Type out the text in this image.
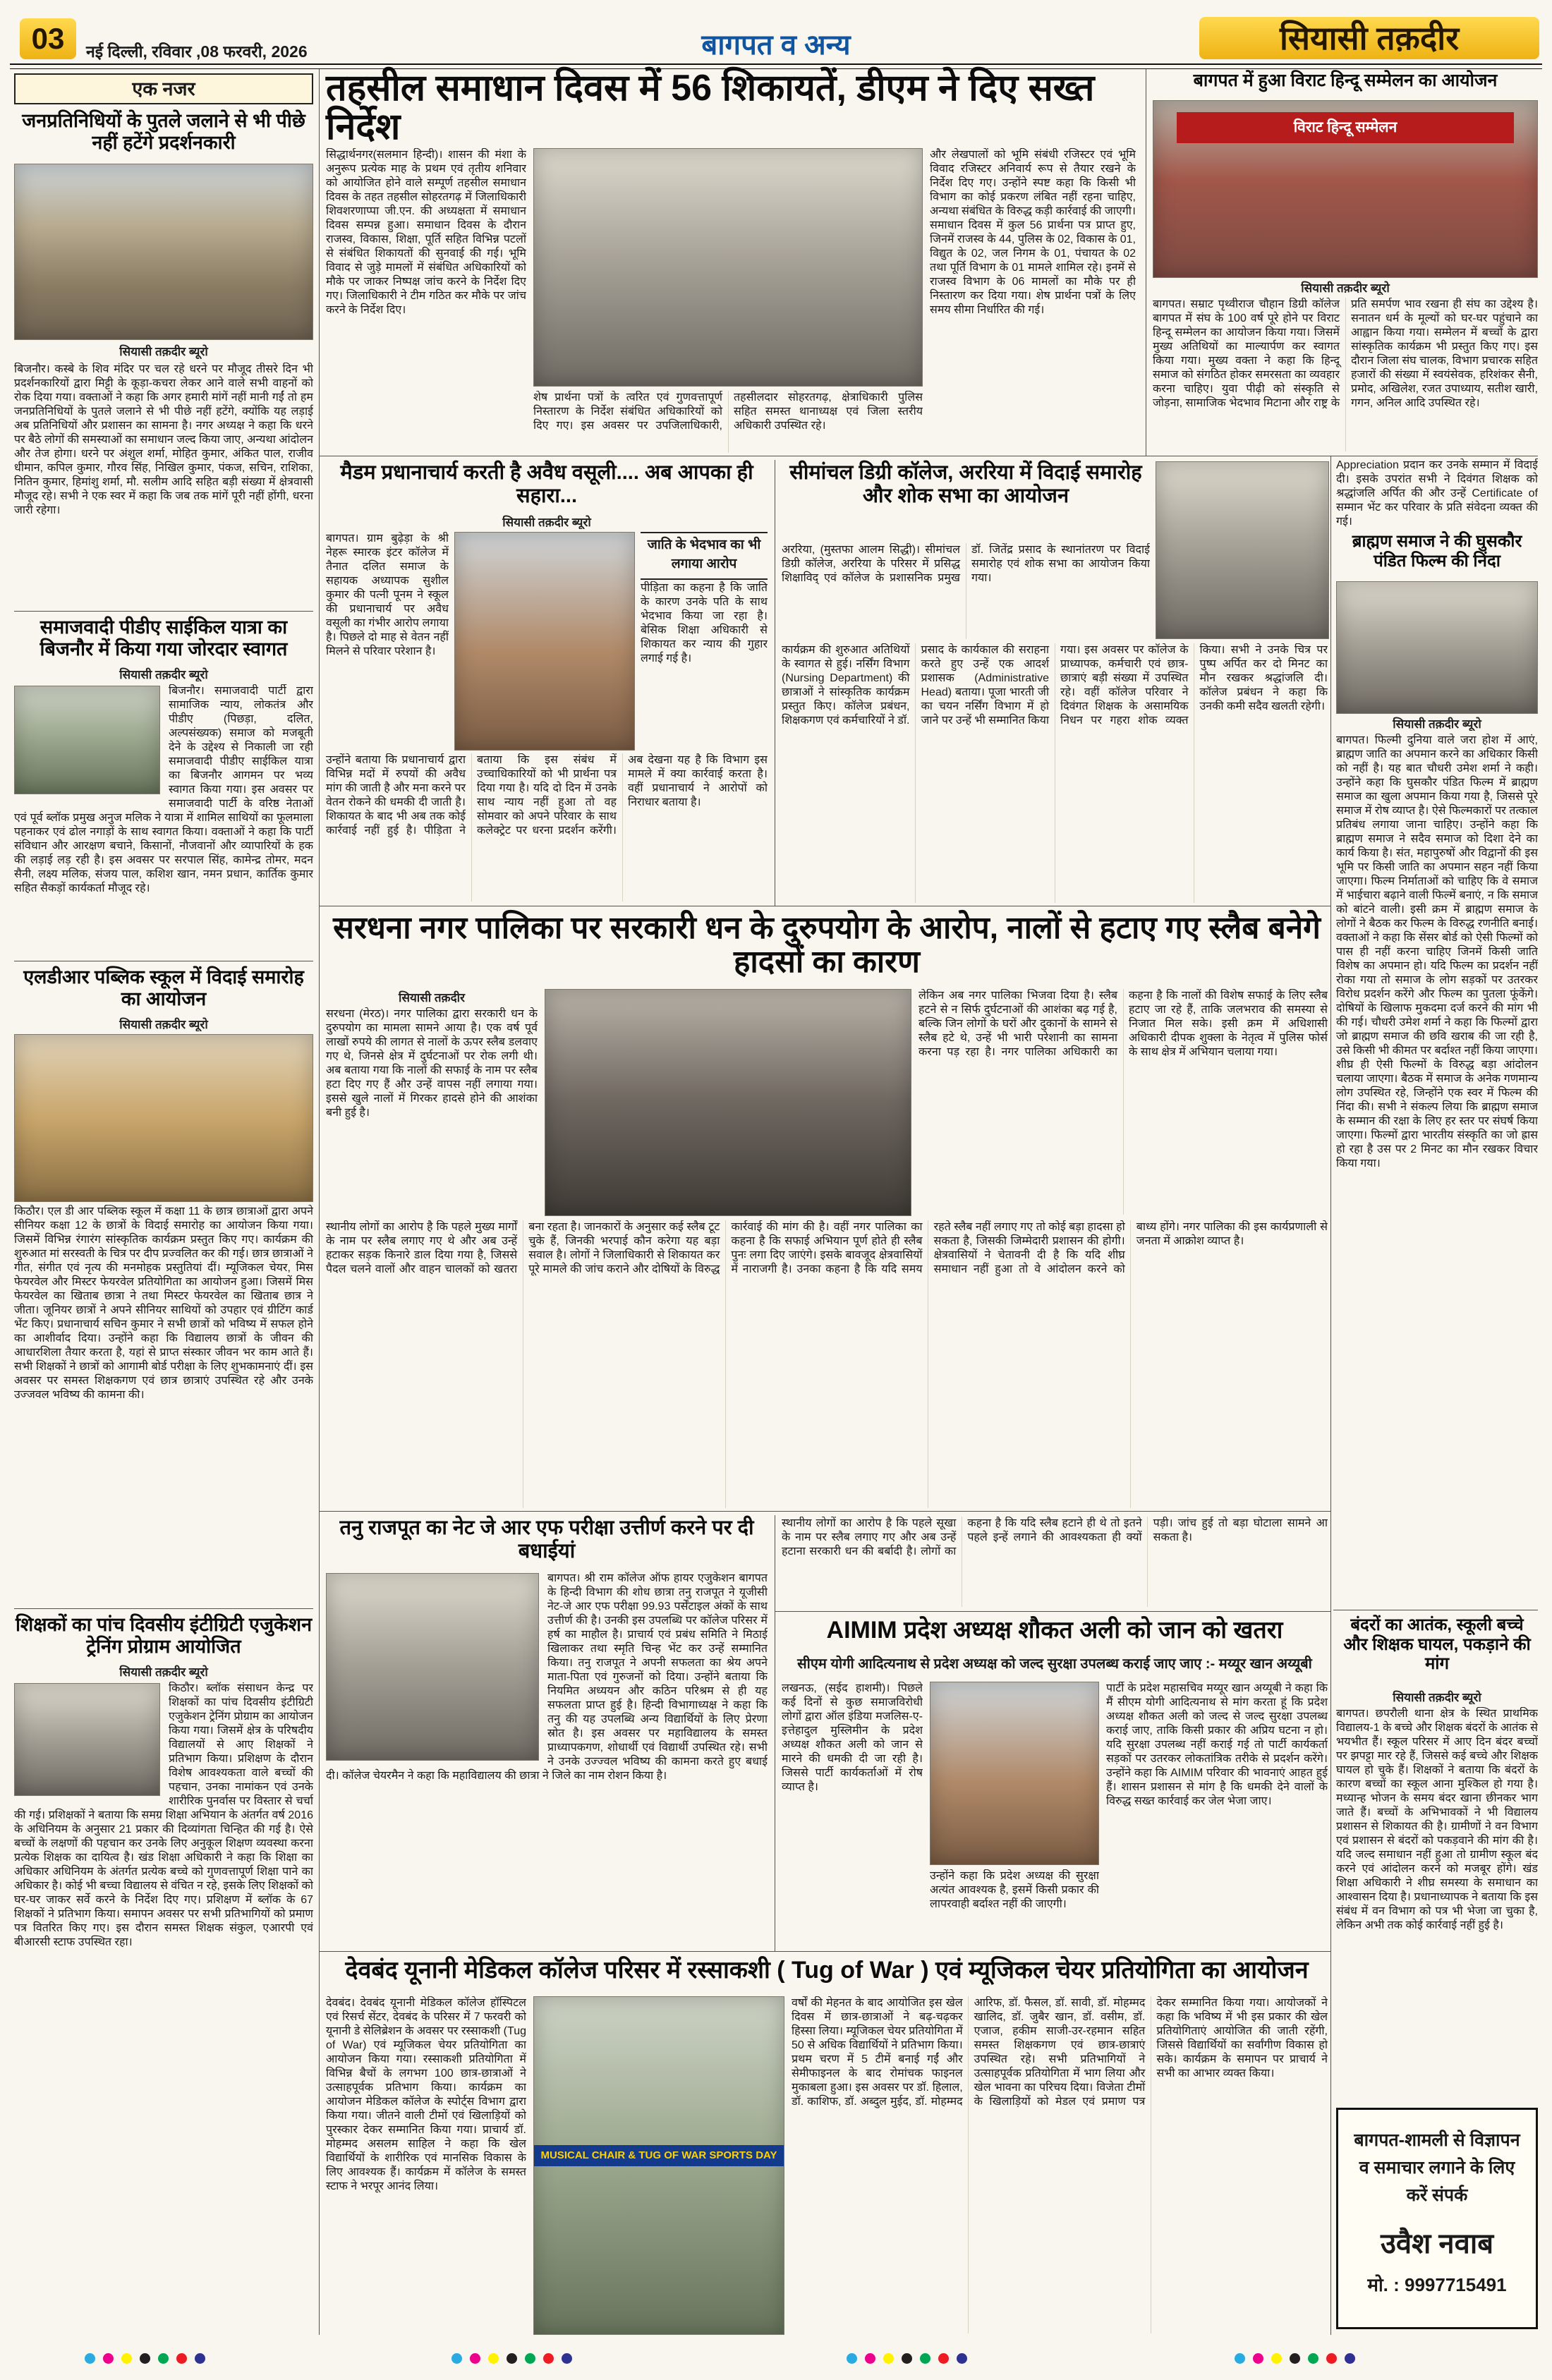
03	नई दिल्ली, रविवार ,08 फरवरी, 2026	बागपत व अन्य	सियासी तक़दीर
एक नजर
जनप्रतिनिधियों के पुतले जलाने से भी पीछे नहीं हटेंगे प्रदर्शनकारी
सियासी तक़दीर ब्यूरो
बिजनौर। कस्बे के शिव मंदिर पर चल रहे धरने पर मौजूद तीसरे दिन भी प्रदर्शनकारियों द्वारा मिट्टी के कूड़ा-कचरा लेकर आने वाले सभी वाहनों को रोक दिया गया। वक्ताओं ने कहा कि अगर हमारी मांगें नहीं मानी गईं तो हम जनप्रतिनिधियों के पुतले जलाने से भी पीछे नहीं हटेंगे, क्योंकि यह लड़ाई अब प्रतिनिधियों और प्रशासन का सामना है। नगर अध्यक्ष ने कहा कि धरने पर बैठे लोगों की समस्याओं का समाधान जल्द किया जाए, अन्यथा आंदोलन और तेज होगा। धरने पर अंशुल शर्मा, मोहित कुमार, अंकित पाल, राजीव धीमान, कपिल कुमार, गौरव सिंह, निखिल कुमार, पंकज, सचिन, राशिका, नितिन कुमार, हिमांशु शर्मा, मौ. सलीम आदि सहित बड़ी संख्या में क्षेत्रवासी मौजूद रहे। सभी ने एक स्वर में कहा कि जब तक मांगें पूरी नहीं होंगी, धरना जारी रहेगा।
समाजवादी पीडीए साईकिल यात्रा का बिजनौर में किया गया जोरदार स्वागत
सियासी तक़दीर ब्यूरो
बिजनौर। समाजवादी पार्टी द्वारा सामाजिक न्याय, लोकतंत्र और पीडीए (पिछड़ा, दलित, अल्पसंख्यक) समाज को मजबूती देने के उद्देश्य से निकाली जा रही समाजवादी पीडीए साईकिल यात्रा का बिजनौर आगमन पर भव्य स्वागत किया गया। इस अवसर पर समाजवादी पार्टी के वरिष्ठ नेताओं एवं पूर्व ब्लॉक प्रमुख अनुज मलिक ने यात्रा में शामिल साथियों का फूलमाला पहनाकर एवं ढोल नगाड़ों के साथ स्वागत किया। वक्ताओं ने कहा कि पार्टी संविधान और आरक्षण बचाने, किसानों, नौजवानों और व्यापारियों के हक की लड़ाई लड़ रही है। इस अवसर पर सरपाल सिंह, कामेन्द्र तोमर, मदन सैनी, लक्ष्य मलिक, संजय पाल, कशिश खान, नमन प्रधान, कार्तिक कुमार सहित सैकड़ों कार्यकर्ता मौजूद रहे।
एलडीआर पब्लिक स्कूल में विदाई समारोह का आयोजन
सियासी तक़दीर ब्यूरो
किठौर। एल डी आर पब्लिक स्कूल में कक्षा 11 के छात्र छात्राओं द्वारा अपने सीनियर कक्षा 12 के छात्रों के विदाई समारोह का आयोजन किया गया। जिसमें विभिन्न रंगारंग सांस्कृतिक कार्यक्रम प्रस्तुत किए गए। कार्यक्रम की शुरुआत मां सरस्वती के चित्र पर दीप प्रज्वलित कर की गई। छात्र छात्राओं ने गीत, संगीत एवं नृत्य की मनमोहक प्रस्तुतियां दीं। म्यूजिकल चेयर, मिस फेयरवेल और मिस्टर फेयरवेल प्रतियोगिता का आयोजन हुआ। जिसमें मिस फेयरवेल का खिताब छात्रा ने तथा मिस्टर फेयरवेल का खिताब छात्र ने जीता। जूनियर छात्रों ने अपने सीनियर साथियों को उपहार एवं ग्रीटिंग कार्ड भेंट किए। प्रधानाचार्य सचिन कुमार ने सभी छात्रों को भविष्य में सफल होने का आशीर्वाद दिया। उन्होंने कहा कि विद्यालय छात्रों के जीवन की आधारशिला तैयार करता है, यहां से प्राप्त संस्कार जीवन भर काम आते हैं। सभी शिक्षकों ने छात्रों को आगामी बोर्ड परीक्षा के लिए शुभकामनाएं दीं। इस अवसर पर समस्त शिक्षकगण एवं छात्र छात्राएं उपस्थित रहे और उनके उज्जवल भविष्य की कामना की।
शिक्षकों का पांच दिवसीय इंटीग्रिटी एजुकेशन ट्रेनिंग प्रोग्राम आयोजित
सियासी तक़दीर ब्यूरो
किठौर। ब्लॉक संसाधन केन्द्र पर शिक्षकों का पांच दिवसीय इंटीग्रिटी एजुकेशन ट्रेनिंग प्रोग्राम का आयोजन किया गया। जिसमें क्षेत्र के परिषदीय विद्यालयों से आए शिक्षकों ने प्रतिभाग किया। प्रशिक्षण के दौरान विशेष आवश्यकता वाले बच्चों की पहचान, उनका नामांकन एवं उनके शारीरिक पुनर्वास पर विस्तार से चर्चा की गई। प्रशिक्षकों ने बताया कि समग्र शिक्षा अभियान के अंतर्गत वर्ष 2016 के अधिनियम के अनुसार 21 प्रकार की दिव्यांगता चिन्हित की गई है। ऐसे बच्चों के लक्षणों की पहचान कर उनके लिए अनुकूल शिक्षण व्यवस्था करना प्रत्येक शिक्षक का दायित्व है। खंड शिक्षा अधिकारी ने कहा कि शिक्षा का अधिकार अधिनियम के अंतर्गत प्रत्येक बच्चे को गुणवत्तापूर्ण शिक्षा पाने का अधिकार है। कोई भी बच्चा विद्यालय से वंचित न रहे, इसके लिए शिक्षकों को घर-घर जाकर सर्वे करने के निर्देश दिए गए। प्रशिक्षण में ब्लॉक के 67 शिक्षकों ने प्रतिभाग किया। समापन अवसर पर सभी प्रतिभागियों को प्रमाण पत्र वितरित किए गए। इस दौरान समस्त शिक्षक संकुल, एआरपी एवं बीआरसी स्टाफ उपस्थित रहा।
तहसील समाधान दिवस में 56 शिकायतें, डीएम ने दिए सख्त निर्देश
सिद्धार्थनगर(सलमान हिन्दी)। शासन की मंशा के अनुरूप प्रत्येक माह के प्रथम एवं तृतीय शनिवार को आयोजित होने वाले सम्पूर्ण तहसील समाधान दिवस के तहत तहसील सोहरतगढ़ में जिलाधिकारी शिवशरणाप्पा जी.एन. की अध्यक्षता में समाधान दिवस सम्पन्न हुआ। समाधान दिवस के दौरान राजस्व, विकास, शिक्षा, पूर्ति सहित विभिन्न पटलों से संबंधित शिकायतों की सुनवाई की गई। भूमि विवाद से जुड़े मामलों में संबंधित अधिकारियों को मौके पर जाकर निष्पक्ष जांच करने के निर्देश दिए गए। जिलाधिकारी ने टीम गठित कर मौके पर जांच करने के निर्देश दिए।
और लेखपालों को भूमि संबंधी रजिस्टर एवं भूमि विवाद रजिस्टर अनिवार्य रूप से तैयार रखने के निर्देश दिए गए। उन्होंने स्पष्ट कहा कि किसी भी विभाग का कोई प्रकरण लंबित नहीं रहना चाहिए, अन्यथा संबंधित के विरुद्ध कड़ी कार्रवाई की जाएगी। समाधान दिवस में कुल 56 प्रार्थना पत्र प्राप्त हुए, जिनमें राजस्व के 44, पुलिस के 02, विकास के 01, विद्युत के 02, जल निगम के 01, पंचायत के 02 तथा पूर्ति विभाग के 01 मामले शामिल रहे। इनमें से राजस्व विभाग के 06 मामलों का मौके पर ही निस्तारण कर दिया गया। शेष प्रार्थना पत्रों के लिए समय सीमा निर्धारित की गई।
शेष प्रार्थना पत्रों के त्वरित एवं गुणवत्तापूर्ण निस्तारण के निर्देश संबंधित अधिकारियों को दिए गए। इस अवसर पर उपजिलाधिकारी, तहसीलदार सोहरतगढ़, क्षेत्राधिकारी पुलिस सहित समस्त थानाध्यक्ष एवं जिला स्तरीय अधिकारी उपस्थित रहे।
बागपत में हुआ विराट हिन्दू सम्मेलन का आयोजन
विराट हिन्दू सम्मेलन
सियासी तक़दीर ब्यूरो
बागपत। सम्राट पृथ्वीराज चौहान डिग्री कॉलेज बागपत में संघ के 100 वर्ष पूरे होने पर विराट हिन्दू सम्मेलन का आयोजन किया गया। जिसमें मुख्य अतिथियों का माल्यार्पण कर स्वागत किया गया। मुख्य वक्ता ने कहा कि हिन्दू समाज को संगठित होकर समरसता का व्यवहार करना चाहिए। युवा पीढ़ी को संस्कृति से जोड़ना, सामाजिक भेदभाव मिटाना और राष्ट्र के प्रति समर्पण भाव रखना ही संघ का उद्देश्य है। सनातन धर्म के मूल्यों को घर-घर पहुंचाने का आह्वान किया गया। सम्मेलन में बच्चों के द्वारा सांस्कृतिक कार्यक्रम भी प्रस्तुत किए गए। इस दौरान जिला संघ चालक, विभाग प्रचारक सहित हजारों की संख्या में स्वयंसेवक, हरिशंकर सैनी, प्रमोद, अखिलेश, रजत उपाध्याय, सतीश खारी, गगन, अनिल आदि उपस्थित रहे।
मैडम प्रधानाचार्य करती है अवैध वसूली.... अब आपका ही सहारा...
सियासी तक़दीर ब्यूरो
बागपत। ग्राम बुढ़ेड़ा के श्री नेहरू स्मारक इंटर कॉलेज में तैनात दलित समाज के सहायक अध्यापक सुशील कुमार की पत्नी पूनम ने स्कूल की प्रधानाचार्य पर अवैध वसूली का गंभीर आरोप लगाया है। पिछले दो माह से वेतन नहीं मिलने से परिवार परेशान है।
जाति के भेदभाव का भी लगाया आरोप
पीड़िता का कहना है कि जाति के कारण उनके पति के साथ भेदभाव किया जा रहा है। बेसिक शिक्षा अधिकारी से शिकायत कर न्याय की गुहार लगाई गई है।
उन्होंने बताया कि प्रधानाचार्य द्वारा विभिन्न मदों में रुपयों की अवैध मांग की जाती है और मना करने पर वेतन रोकने की धमकी दी जाती है। शिकायत के बाद भी अब तक कोई कार्रवाई नहीं हुई है। पीड़िता ने बताया कि इस संबंध में उच्चाधिकारियों को भी प्रार्थना पत्र दिया गया है। यदि दो दिन में उनके साथ न्याय नहीं हुआ तो वह सोमवार को अपने परिवार के साथ कलेक्ट्रेट पर धरना प्रदर्शन करेंगी। अब देखना यह है कि विभाग इस मामले में क्या कार्रवाई करता है। वहीं प्रधानाचार्य ने आरोपों को निराधार बताया है।
सीमांचल डिग्री कॉलेज, अररिया में विदाई समारोह और शोक सभा का आयोजन
अररिया, (मुस्तफा आलम सिद्धी)। सीमांचल डिग्री कॉलेज, अररिया के परिसर में प्रसिद्ध शिक्षाविद् एवं कॉलेज के प्रशासनिक प्रमुख डॉ. जितेंद्र प्रसाद के स्थानांतरण पर विदाई समारोह एवं शोक सभा का आयोजन किया गया।
कार्यक्रम की शुरुआत अतिथियों के स्वागत से हुई। नर्सिंग विभाग (Nursing Department) की छात्राओं ने सांस्कृतिक कार्यक्रम प्रस्तुत किए। कॉलेज प्रबंधन, शिक्षकगण एवं कर्मचारियों ने डॉ. प्रसाद के कार्यकाल की सराहना करते हुए उन्हें एक आदर्श प्रशासक (Administrative Head) बताया। पूजा भारती जी का चयन नर्सिंग विभाग में हो जाने पर उन्हें भी सम्मानित किया गया। इस अवसर पर कॉलेज के प्राध्यापक, कर्मचारी एवं छात्र-छात्राएं बड़ी संख्या में उपस्थित रहे। वहीं कॉलेज परिवार ने दिवंगत शिक्षक के असामयिक निधन पर गहरा शोक व्यक्त किया। सभी ने उनके चित्र पर पुष्प अर्पित कर दो मिनट का मौन रखकर श्रद्धांजलि दी। कॉलेज प्रबंधन ने कहा कि उनकी कमी सदैव खलती रहेगी।
Appreciation प्रदान कर उनके सम्मान में विदाई दी। इसके उपरांत सभी ने दिवंगत शिक्षक को श्रद्धांजलि अर्पित की और उन्हें Certificate of सम्मान भेंट कर परिवार के प्रति संवेदना व्यक्त की गई।
ब्राह्मण समाज ने की घुसकौर पंडित फिल्म की निंदा
सियासी तक़दीर ब्यूरो
बागपत। फिल्मी दुनिया वाले जरा होश में आएं, ब्राह्मण जाति का अपमान करने का अधिकार किसी को नहीं है। यह बात चौधरी उमेश शर्मा ने कही। उन्होंने कहा कि घुसकौर पंडित फिल्म में ब्राह्मण समाज का खुला अपमान किया गया है, जिससे पूरे समाज में रोष व्याप्त है। ऐसे फिल्मकारों पर तत्काल प्रतिबंध लगाया जाना चाहिए। उन्होंने कहा कि ब्राह्मण समाज ने सदैव समाज को दिशा देने का कार्य किया है। संत, महापुरुषों और विद्वानों की इस भूमि पर किसी जाति का अपमान सहन नहीं किया जाएगा। फिल्म निर्माताओं को चाहिए कि वे समाज में भाईचारा बढ़ाने वाली फिल्में बनाएं, न कि समाज को बांटने वाली। इसी क्रम में ब्राह्मण समाज के लोगों ने बैठक कर फिल्म के विरुद्ध रणनीति बनाई। वक्ताओं ने कहा कि सेंसर बोर्ड को ऐसी फिल्मों को पास ही नहीं करना चाहिए जिनमें किसी जाति विशेष का अपमान हो। यदि फिल्म का प्रदर्शन नहीं रोका गया तो समाज के लोग सड़कों पर उतरकर विरोध प्रदर्शन करेंगे और फिल्म का पुतला फूंकेंगे। दोषियों के खिलाफ मुकदमा दर्ज करने की मांग भी की गई। चौधरी उमेश शर्मा ने कहा कि फिल्मों द्वारा जो ब्राह्मण समाज की छवि खराब की जा रही है, उसे किसी भी कीमत पर बर्दाश्त नहीं किया जाएगा। शीघ्र ही ऐसी फिल्मों के विरुद्ध बड़ा आंदोलन चलाया जाएगा। बैठक में समाज के अनेक गणमान्य लोग उपस्थित रहे, जिन्होंने एक स्वर में फिल्म की निंदा की। सभी ने संकल्प लिया कि ब्राह्मण समाज के सम्मान की रक्षा के लिए हर स्तर पर संघर्ष किया जाएगा। फिल्मों द्वारा भारतीय संस्कृति का जो ह्रास हो रहा है उस पर 2 मिनट का मौन रखकर विचार किया गया।
बंदरों का आतंक, स्कूली बच्चे और शिक्षक घायल, पकड़ाने की मांग
सियासी तक़दीर ब्यूरो
बागपत। छपरौली थाना क्षेत्र के स्थित प्राथमिक विद्यालय-1 के बच्चे और शिक्षक बंदरों के आतंक से भयभीत हैं। स्कूल परिसर में आए दिन बंदर बच्चों पर झपट्टा मार रहे हैं, जिससे कई बच्चे और शिक्षक घायल हो चुके हैं। शिक्षकों ने बताया कि बंदरों के कारण बच्चों का स्कूल आना मुश्किल हो गया है। मध्यान्ह भोजन के समय बंदर खाना छीनकर भाग जाते हैं। बच्चों के अभिभावकों ने भी विद्यालय प्रशासन से शिकायत की है। ग्रामीणों ने वन विभाग एवं प्रशासन से बंदरों को पकड़वाने की मांग की है। यदि जल्द समाधान नहीं हुआ तो ग्रामीण स्कूल बंद करने एवं आंदोलन करने को मजबूर होंगे। खंड शिक्षा अधिकारी ने शीघ्र समस्या के समाधान का आश्वासन दिया है। प्रधानाध्यापक ने बताया कि इस संबंध में वन विभाग को पत्र भी भेजा जा चुका है, लेकिन अभी तक कोई कार्रवाई नहीं हुई है।
बागपत-शामली से विज्ञापन व समाचार लगाने के लिए करें संपर्क
उवैश नवाब
मो. : 9997715491
सरधना नगर पालिका पर सरकारी धन के दुरुपयोग के आरोप, नालों से हटाए गए स्लैब बनेगे हादसों का कारण
सियासी तक़दीर
सरधना (मेरठ)। नगर पालिका द्वारा सरकारी धन के दुरुपयोग का मामला सामने आया है। एक वर्ष पूर्व लाखों रुपये की लागत से नालों के ऊपर स्लैब डलवाए गए थे, जिनसे क्षेत्र में दुर्घटनाओं पर रोक लगी थी। अब बताया गया कि नालों की सफाई के नाम पर स्लैब हटा दिए गए हैं और उन्हें वापस नहीं लगाया गया। इससे खुले नालों में गिरकर हादसे होने की आशंका बनी हुई है।
लेकिन अब नगर पालिका भिजवा दिया है। स्लैब हटने से न सिर्फ दुर्घटनाओं की आशंका बढ़ गई है, बल्कि जिन लोगों के घरों और दुकानों के सामने से स्लैब हटे थे, उन्हें भी भारी परेशानी का सामना करना पड़ रहा है। नगर पालिका अधिकारी का कहना है कि नालों की विशेष सफाई के लिए स्लैब हटाए जा रहे हैं, ताकि जलभराव की समस्या से निजात मिल सके। इसी क्रम में अधिशासी अधिकारी दीपक शुक्ला के नेतृत्व में पुलिस फोर्स के साथ क्षेत्र में अभियान चलाया गया।
स्थानीय लोगों का आरोप है कि पहले मुख्य मार्गों के नाम पर स्लैब लगाए गए थे और अब उन्हें हटाकर सड़क किनारे डाल दिया गया है, जिससे पैदल चलने वालों और वाहन चालकों को खतरा बना रहता है। जानकारों के अनुसार कई स्लैब टूट चुके हैं, जिनकी भरपाई कौन करेगा यह बड़ा सवाल है। लोगों ने जिलाधिकारी से शिकायत कर पूरे मामले की जांच कराने और दोषियों के विरुद्ध कार्रवाई की मांग की है। वहीं नगर पालिका का कहना है कि सफाई अभियान पूर्ण होते ही स्लैब पुनः लगा दिए जाएंगे। इसके बावजूद क्षेत्रवासियों में नाराजगी है। उनका कहना है कि यदि समय रहते स्लैब नहीं लगाए गए तो कोई बड़ा हादसा हो सकता है, जिसकी जिम्मेदारी प्रशासन की होगी। क्षेत्रवासियों ने चेतावनी दी है कि यदि शीघ्र समाधान नहीं हुआ तो वे आंदोलन करने को बाध्य होंगे। नगर पालिका की इस कार्यप्रणाली से जनता में आक्रोश व्याप्त है।
स्थानीय लोगों का आरोप है कि पहले सूखा के नाम पर स्लैब लगाए गए और अब उन्हें हटाना सरकारी धन की बर्बादी है। लोगों का कहना है कि यदि स्लैब हटाने ही थे तो इतने पहले इन्हें लगाने की आवश्यकता ही क्यों पड़ी। जांच हुई तो बड़ा घोटाला सामने आ सकता है।
तनु राजपूत का नेट जे आर एफ परीक्षा उत्तीर्ण करने पर दी बधाईयां
बागपत। श्री राम कॉलेज ऑफ हायर एजुकेशन बागपत के हिन्दी विभाग की शोध छात्रा तनु राजपूत ने यूजीसी नेट-जे आर एफ परीक्षा 99.93 पर्सेंटाइल अंकों के साथ उत्तीर्ण की है। उनकी इस उपलब्धि पर कॉलेज परिसर में हर्ष का माहौल है। प्राचार्य एवं प्रबंध समिति ने मिठाई खिलाकर तथा स्मृति चिन्ह भेंट कर उन्हें सम्मानित किया। तनु राजपूत ने अपनी सफलता का श्रेय अपने माता-पिता एवं गुरुजनों को दिया। उन्होंने बताया कि नियमित अध्ययन और कठिन परिश्रम से ही यह सफलता प्राप्त हुई है। हिन्दी विभागाध्यक्ष ने कहा कि तनु की यह उपलब्धि अन्य विद्यार्थियों के लिए प्रेरणा स्रोत है। इस अवसर पर महाविद्यालय के समस्त प्राध्यापकगण, शोधार्थी एवं विद्यार्थी उपस्थित रहे। सभी ने उनके उज्ज्वल भविष्य की कामना करते हुए बधाई दी। कॉलेज चेयरमैन ने कहा कि महाविद्यालय की छात्रा ने जिले का नाम रोशन किया है।
AIMIM प्रदेश अध्यक्ष शौकत अली को जान को खतरा
सीएम योगी आदित्यनाथ से प्रदेश अध्यक्ष को जल्द सुरक्षा उपलब्ध कराई जाए जाए :- मय्यूर खान अय्यूबी
लखनऊ, (सईद हाशमी)। पिछले कई दिनों से कुछ समाजविरोधी लोगों द्वारा ऑल इंडिया मजलिस-ए-इत्तेहादुल मुस्लिमीन के प्रदेश अध्यक्ष शौकत अली को जान से मारने की धमकी दी जा रही है। जिससे पार्टी कार्यकर्ताओं में रोष व्याप्त है।
उन्होंने कहा कि प्रदेश अध्यक्ष की सुरक्षा अत्यंत आवश्यक है, इसमें किसी प्रकार की लापरवाही बर्दाश्त नहीं की जाएगी।
पार्टी के प्रदेश महासचिव मय्यूर खान अय्यूबी ने कहा कि मैं सीएम योगी आदित्यनाथ से मांग करता हूं कि प्रदेश अध्यक्ष शौकत अली को जल्द से जल्द सुरक्षा उपलब्ध कराई जाए, ताकि किसी प्रकार की अप्रिय घटना न हो। यदि सुरक्षा उपलब्ध नहीं कराई गई तो पार्टी कार्यकर्ता सड़कों पर उतरकर लोकतांत्रिक तरीके से प्रदर्शन करेंगे। उन्होंने कहा कि AIMIM परिवार की भावनाएं आहत हुई हैं। शासन प्रशासन से मांग है कि धमकी देने वालों के विरुद्ध सख्त कार्रवाई कर जेल भेजा जाए।
देवबंद यूनानी मेडिकल कॉलेज परिसर में रस्साकशी ( Tug of War ) एवं म्यूजिकल चेयर प्रतियोगिता का आयोजन
देवबंद। देवबंद यूनानी मेडिकल कॉलेज हॉस्पिटल एवं रिसर्च सेंटर, देवबंद के परिसर में 7 फरवरी को यूनानी डे सेलिब्रेशन के अवसर पर रस्साकशी (Tug of War) एवं म्यूजिकल चेयर प्रतियोगिता का आयोजन किया गया। रस्साकशी प्रतियोगिता में विभिन्न बैचों के लगभग 100 छात्र-छात्राओं ने उत्साहपूर्वक प्रतिभाग किया। कार्यक्रम का आयोजन मेडिकल कॉलेज के स्पोर्ट्स विभाग द्वारा किया गया। जीतने वाली टीमों एवं खिलाड़ियों को पुरस्कार देकर सम्मानित किया गया। प्राचार्य डॉ. मोहम्मद असलम साहिल ने कहा कि खेल विद्यार्थियों के शारीरिक एवं मानसिक विकास के लिए आवश्यक हैं। कार्यक्रम में कॉलेज के समस्त स्टाफ ने भरपूर आनंद लिया।
MUSICAL CHAIR & TUG OF WAR SPORTS DAY
वर्षों की मेहनत के बाद आयोजित इस खेल दिवस में छात्र-छात्राओं ने बढ़-चढ़कर हिस्सा लिया। म्यूजिकल चेयर प्रतियोगिता में 50 से अधिक विद्यार्थियों ने प्रतिभाग किया। प्रथम चरण में 5 टीमें बनाई गईं और सेमीफाइनल के बाद रोमांचक फाइनल मुकाबला हुआ। इस अवसर पर डॉ. हिलाल, डॉ. काशिफ, डॉ. अब्दुल मुईद, डॉ. मोहम्मद आरिफ, डॉ. फैसल, डॉ. सावी, डॉ. मोहम्मद खालिद, डॉ. जुबैर खान, डॉ. वसीम, डॉ. एजाज, हकीम साजी-उर-रहमान सहित समस्त शिक्षकगण एवं छात्र-छात्राएं उपस्थित रहे। सभी प्रतिभागियों ने उत्साहपूर्वक प्रतियोगिता में भाग लिया और खेल भावना का परिचय दिया। विजेता टीमों के खिलाड़ियों को मेडल एवं प्रमाण पत्र देकर सम्मानित किया गया। आयोजकों ने कहा कि भविष्य में भी इस प्रकार की खेल प्रतियोगिताएं आयोजित की जाती रहेंगी, जिससे विद्यार्थियों का सर्वांगीण विकास हो सके। कार्यक्रम के समापन पर प्राचार्य ने सभी का आभार व्यक्त किया।
